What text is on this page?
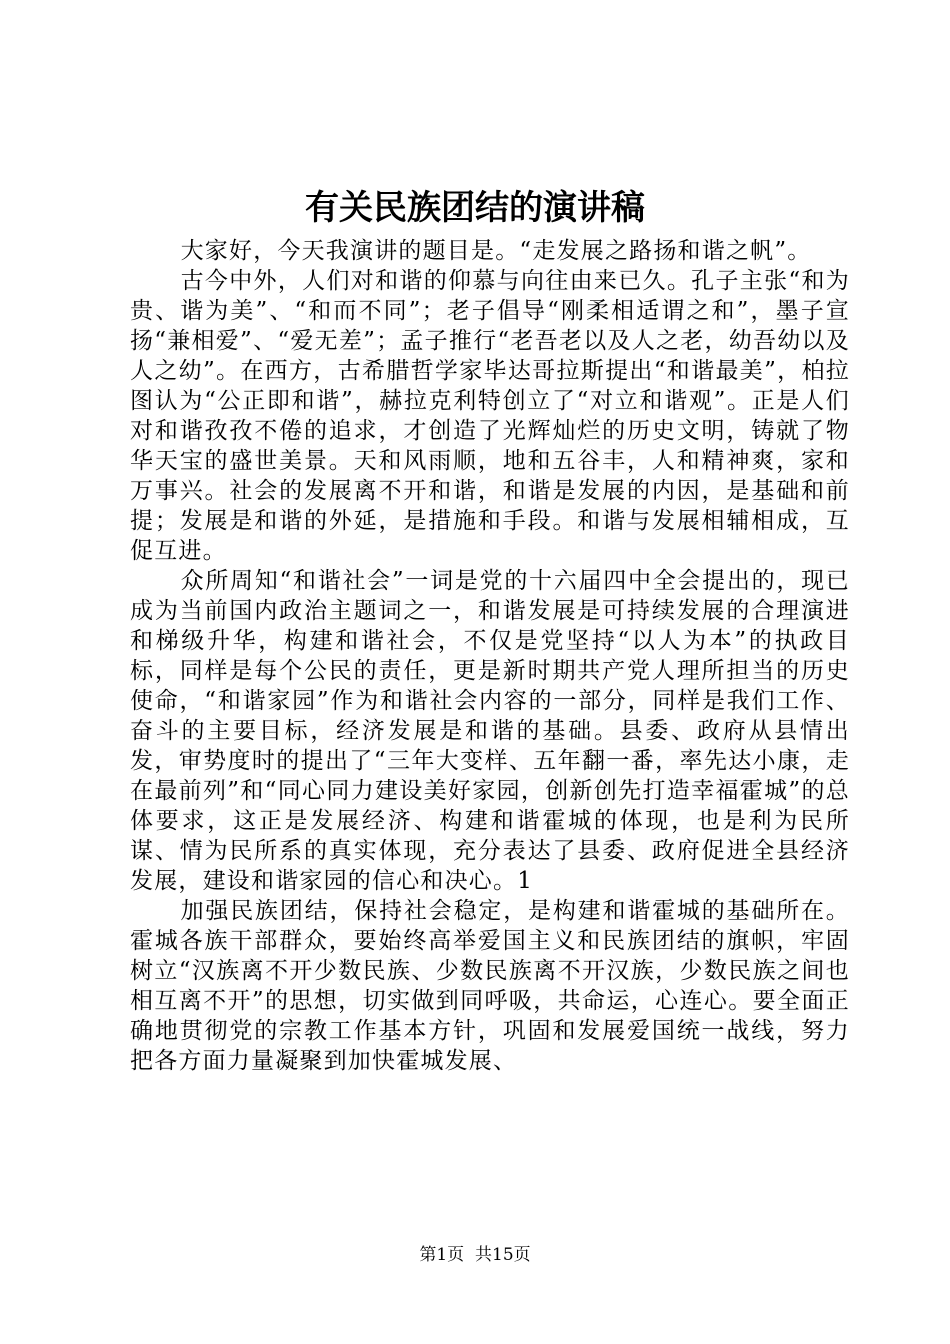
有关民族团结的演讲稿

大家好，今天我演讲的题目是。“走发展之路扬和谐之帆”。

古今中外，人们对和谐的仰慕与向往由来已久。孔子主张“和为贵、谐为美”、“和而不同”；老子倡导“刚柔相适谓之和”，墨子宣扬“兼相爱”、“爱无差”；孟子推行“老吾老以及人之老，幼吾幼以及人之幼”。在西方，古希腊哲学家毕达哥拉斯提出“和谐最美”，柏拉图认为“公正即和谐”，赫拉克利特创立了“对立和谐观”。正是人们对和谐孜孜不倦的追求，才创造了光辉灿烂的历史文明，铸就了物华天宝的盛世美景。天和风雨顺，地和五谷丰，人和精神爽，家和万事兴。社会的发展离不开和谐，和谐是发展的内因，是基础和前提；发展是和谐的外延，是措施和手段。和谐与发展相辅相成，互促互进。

众所周知“和谐社会”一词是党的十六届四中全会提出的，现已成为当前国内政治主题词之一，和谐发展是可持续发展的合理演进和梯级升华，构建和谐社会，不仅是党坚持“以人为本”的执政目标，同样是每个公民的责任，更是新时期共产党人理所担当的历史使命，“和谐家园”作为和谐社会内容的一部分，同样是我们工作、奋斗的主要目标，经济发展是和谐的基础。县委、政府从县情出发，审势度时的提出了“三年大变样、五年翻一番，率先达小康，走在最前列”和“同心同力建设美好家园，创新创先打造幸福霍城”的总体要求，这正是发展经济、构建和谐霍城的体现，也是利为民所谋、情为民所系的真实体现，充分表达了县委、政府促进全县经济发展，建设和谐家园的信心和决心。1

加强民族团结，保持社会稳定，是构建和谐霍城的基础所在。霍城各族干部群众，要始终高举爱国主义和民族团结的旗帜，牢固树立“汉族离不开少数民族、少数民族离不开汉族，少数民族之间也相互离不开”的思想，切实做到同呼吸，共命运，心连心。要全面正确地贯彻党的宗教工作基本方针，巩固和发展爱国统一战线，努力把各方面力量凝聚到加快霍城发展、

第1页 共15页
